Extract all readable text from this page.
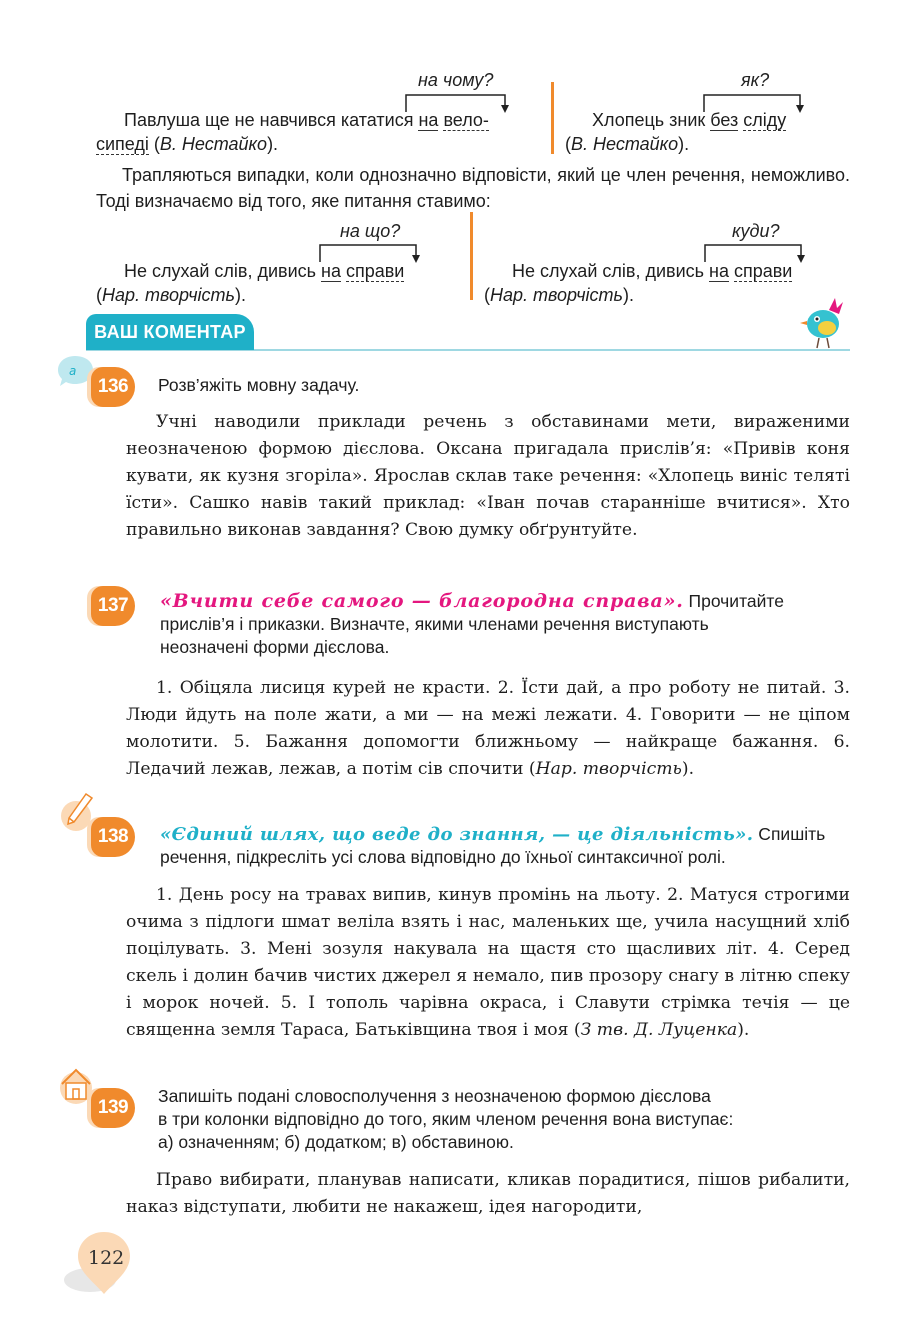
на чому?
Павлуша ще не навчився кататися на вело-
сипеді (В. Нестайко).
як?
Хлопець зник без сліду
(В. Нестайко).
Трапляються випадки, коли однозначно відповісти, який це член речення, неможливо. Тоді визначаємо від того, яке питання ставимо:
на що?
Не слухай слів, дивись на справи
(Нар. творчість).
куди?
Не слухай слів, дивись на справи
(Нар. творчість).
ВАШ КОМЕНТАР
a
136	Розв’яжіть мовну задачу.
Учні наводили приклади речень з обставинами мети, вираженими неозначеною формою дієслова. Оксана пригадала прислів’я: «Привів коня кувати, як кузня згоріла». Ярослав склав таке речення: «Хлопець виніс теляті їсти». Сашко навів такий приклад: «Іван почав старанніше вчитися». Хто правильно виконав завдання? Свою думку обґрунтуйте.
137	«Вчити себе самого — благородна справа». Прочитайте
прислів’я і приказки. Визначте, якими членами речення виступають
неозначені форми дієслова.
1. Обіцяла лисиця курей не красти. 2. Їсти дай, а про роботу не питай. 3. Люди йдуть на поле жати, а ми — на межі лежати. 4. Говорити — не ціпом молотити. 5. Бажання допомогти ближньому — найкраще бажання. 6. Ледачий лежав, лежав, а потім сів спочити (Нар. творчість).
138	«Єдиний шлях, що веде до знання, — це діяльність». Спишіть
речення, підкресліть усі слова відповідно до їхньої синтаксичної ролі.
1. День росу на травах випив, кинув промінь на льоту. 2. Матуся строгими очима з підлоги шмат веліла взять і нас, маленьких ще, учила насущний хліб поцілувать. 3. Мені зозуля накувала на щастя сто щасливих літ. 4. Серед скель і долин бачив чистих джерел я немало, пив прозору снагу в літню спеку і морок ночей. 5. І тополь чарівна окраса, і Славути стрімка течія — це священна земля Тараса, Батьківщина твоя і моя (З тв. Д. Луценка).
139
Запишіть подані словосполучення з неозначеною формою дієслова
в три колонки відповідно до того, яким членом речення вона виступає:
а) означенням; б) додатком; в) обставиною.
Право вибирати, планував написати, кликав порадитися, пішов рибалити, наказ відступати, любити не накажеш, ідея нагородити,
122
